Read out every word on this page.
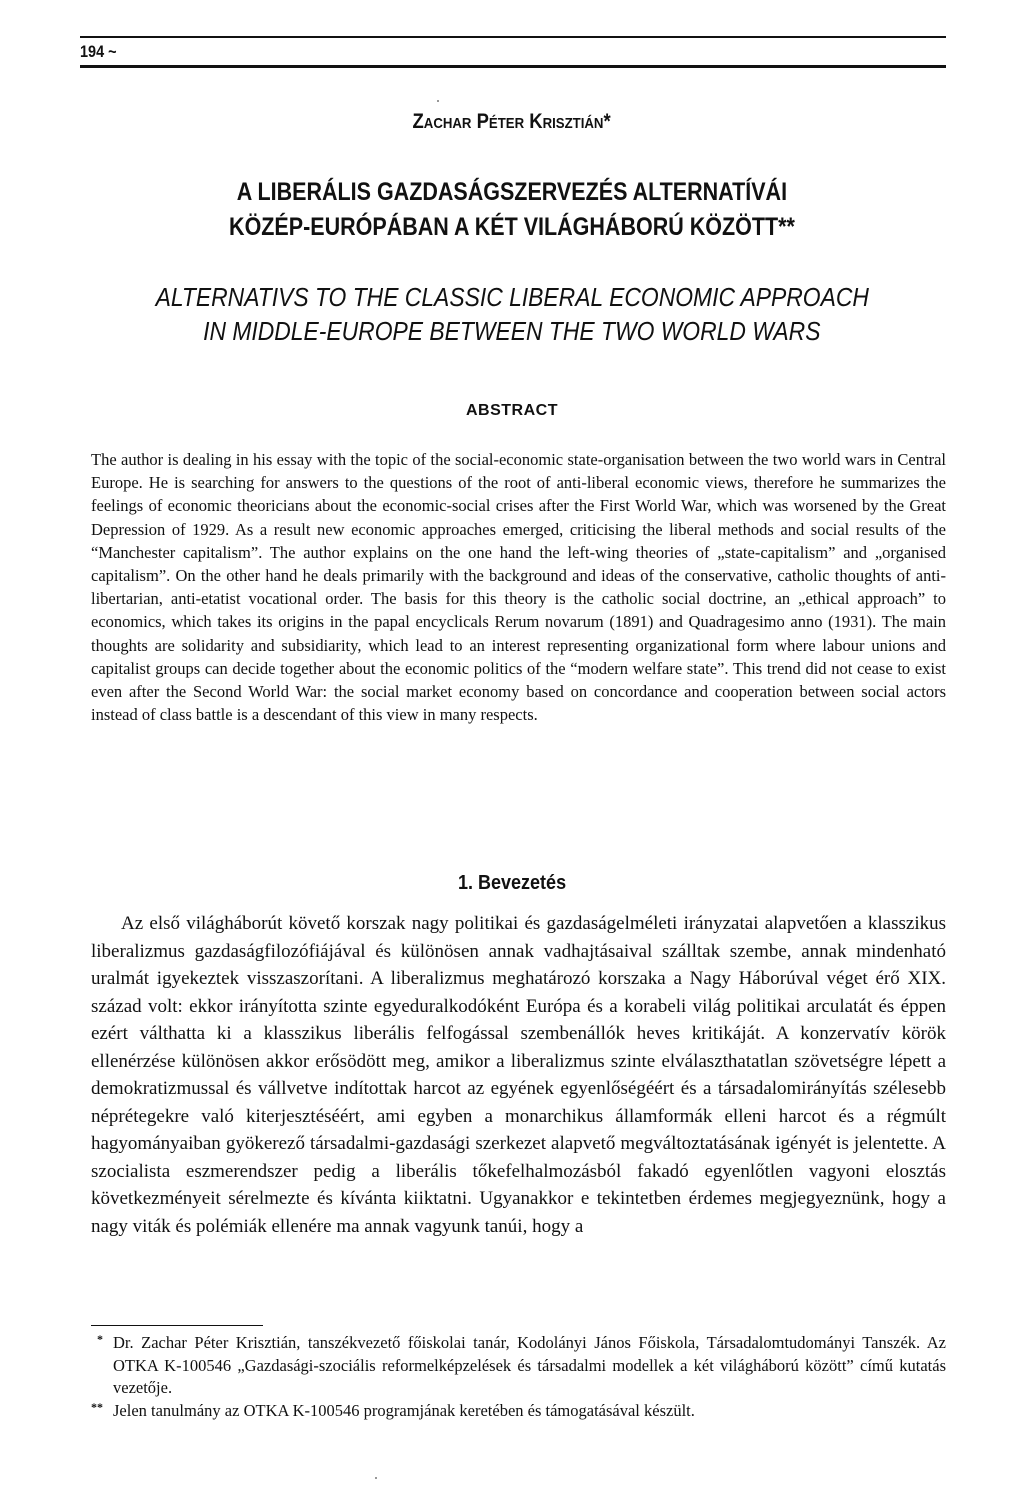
194 ~
Zachar Péter Krisztián*
A LIBERÁLIS GAZDASÁGSZERVEZÉS ALTERNATÍVÁI
KÖZÉP-EURÓPÁBAN A KÉT VILÁGHÁBORÚ KÖZÖTT**
ALTERNATIVS TO THE CLASSIC LIBERAL ECONOMIC APPROACH
IN MIDDLE-EUROPE BETWEEN THE TWO WORLD WARS
ABSTRACT
The author is dealing in his essay with the topic of the social-economic state-organisation between the two world wars in Central Europe. He is searching for answers to the questions of the root of anti-liberal economic views, therefore he summarizes the feelings of economic theoricians about the economic-social crises after the First World War, which was worsened by the Great Depression of 1929. As a result new economic approaches emerged, criticising the liberal methods and social results of the “Manchester capitalism”. The author explains on the one hand the left-wing theories of „state-capitalism” and „organised capitalism”. On the other hand he deals primarily with the background and ideas of the conservative, catholic thoughts of anti-libertarian, anti-etatist vocational order. The basis for this theory is the catholic social doctrine, an „ethical approach” to economics, which takes its origins in the papal encyclicals Rerum novarum (1891) and Quadragesimo anno (1931). The main thoughts are solidarity and subsidiarity, which lead to an interest representing organizational form where labour unions and capitalist groups can decide together about the economic politics of the “modern welfare state”. This trend did not cease to exist even after the Second World War: the social market economy based on concordance and cooperation between social actors instead of class battle is a descendant of this view in many respects.
1. Bevezetés
Az első világháborút követő korszak nagy politikai és gazdaságelméleti irányzatai alapvetően a klasszikus liberalizmus gazdaságfilozófiájával és különösen annak vadhajtásaival szálltak szembe, annak mindenható uralmát igyekeztek visszaszorítani. A liberalizmus meghatározó korszaka a Nagy Háborúval véget érő XIX. század volt: ekkor irányította szinte egyeduralkodóként Európa és a korabeli világ politikai arculatát és éppen ezért válthatta ki a klasszikus liberális felfogással szembenállók heves kritikáját. A konzervatív körök ellenérzése különösen akkor erősödött meg, amikor a liberalizmus szinte elválaszthatatlan szövetségre lépett a demokratizmussal és vállvetve indítottak harcot az egyének egyenlőségéért és a társadalomirányítás szélesebb néprétegekre való kiterjesztéséért, ami egyben a monarchikus államformák elleni harcot és a régmúlt hagyományaiban gyökerező társadalmi-gazdasági szerkezet alapvető megváltoztatásának igényét is jelentette. A szocialista eszmerendszer pedig a liberális tőkefelhalmozásból fakadó egyenlőtlen vagyoni elosztás következményeit sérelmezte és kívánta kiiktatni. Ugyanakkor e tekintetben érdemes megjegyeznünk, hogy a nagy viták és polémiák ellenére ma annak vagyunk tanúi, hogy a
* Dr. Zachar Péter Krisztián, tanszékvezető főiskolai tanár, Kodolányi János Főiskola, Társadalomtudományi Tanszék. Az OTKA K-100546 „Gazdasági-szociális reformelképzelések és társadalmi modellek a két világháború között” című kutatás vezetője.
** Jelen tanulmány az OTKA K-100546 programjának keretében és támogatásával készült.
